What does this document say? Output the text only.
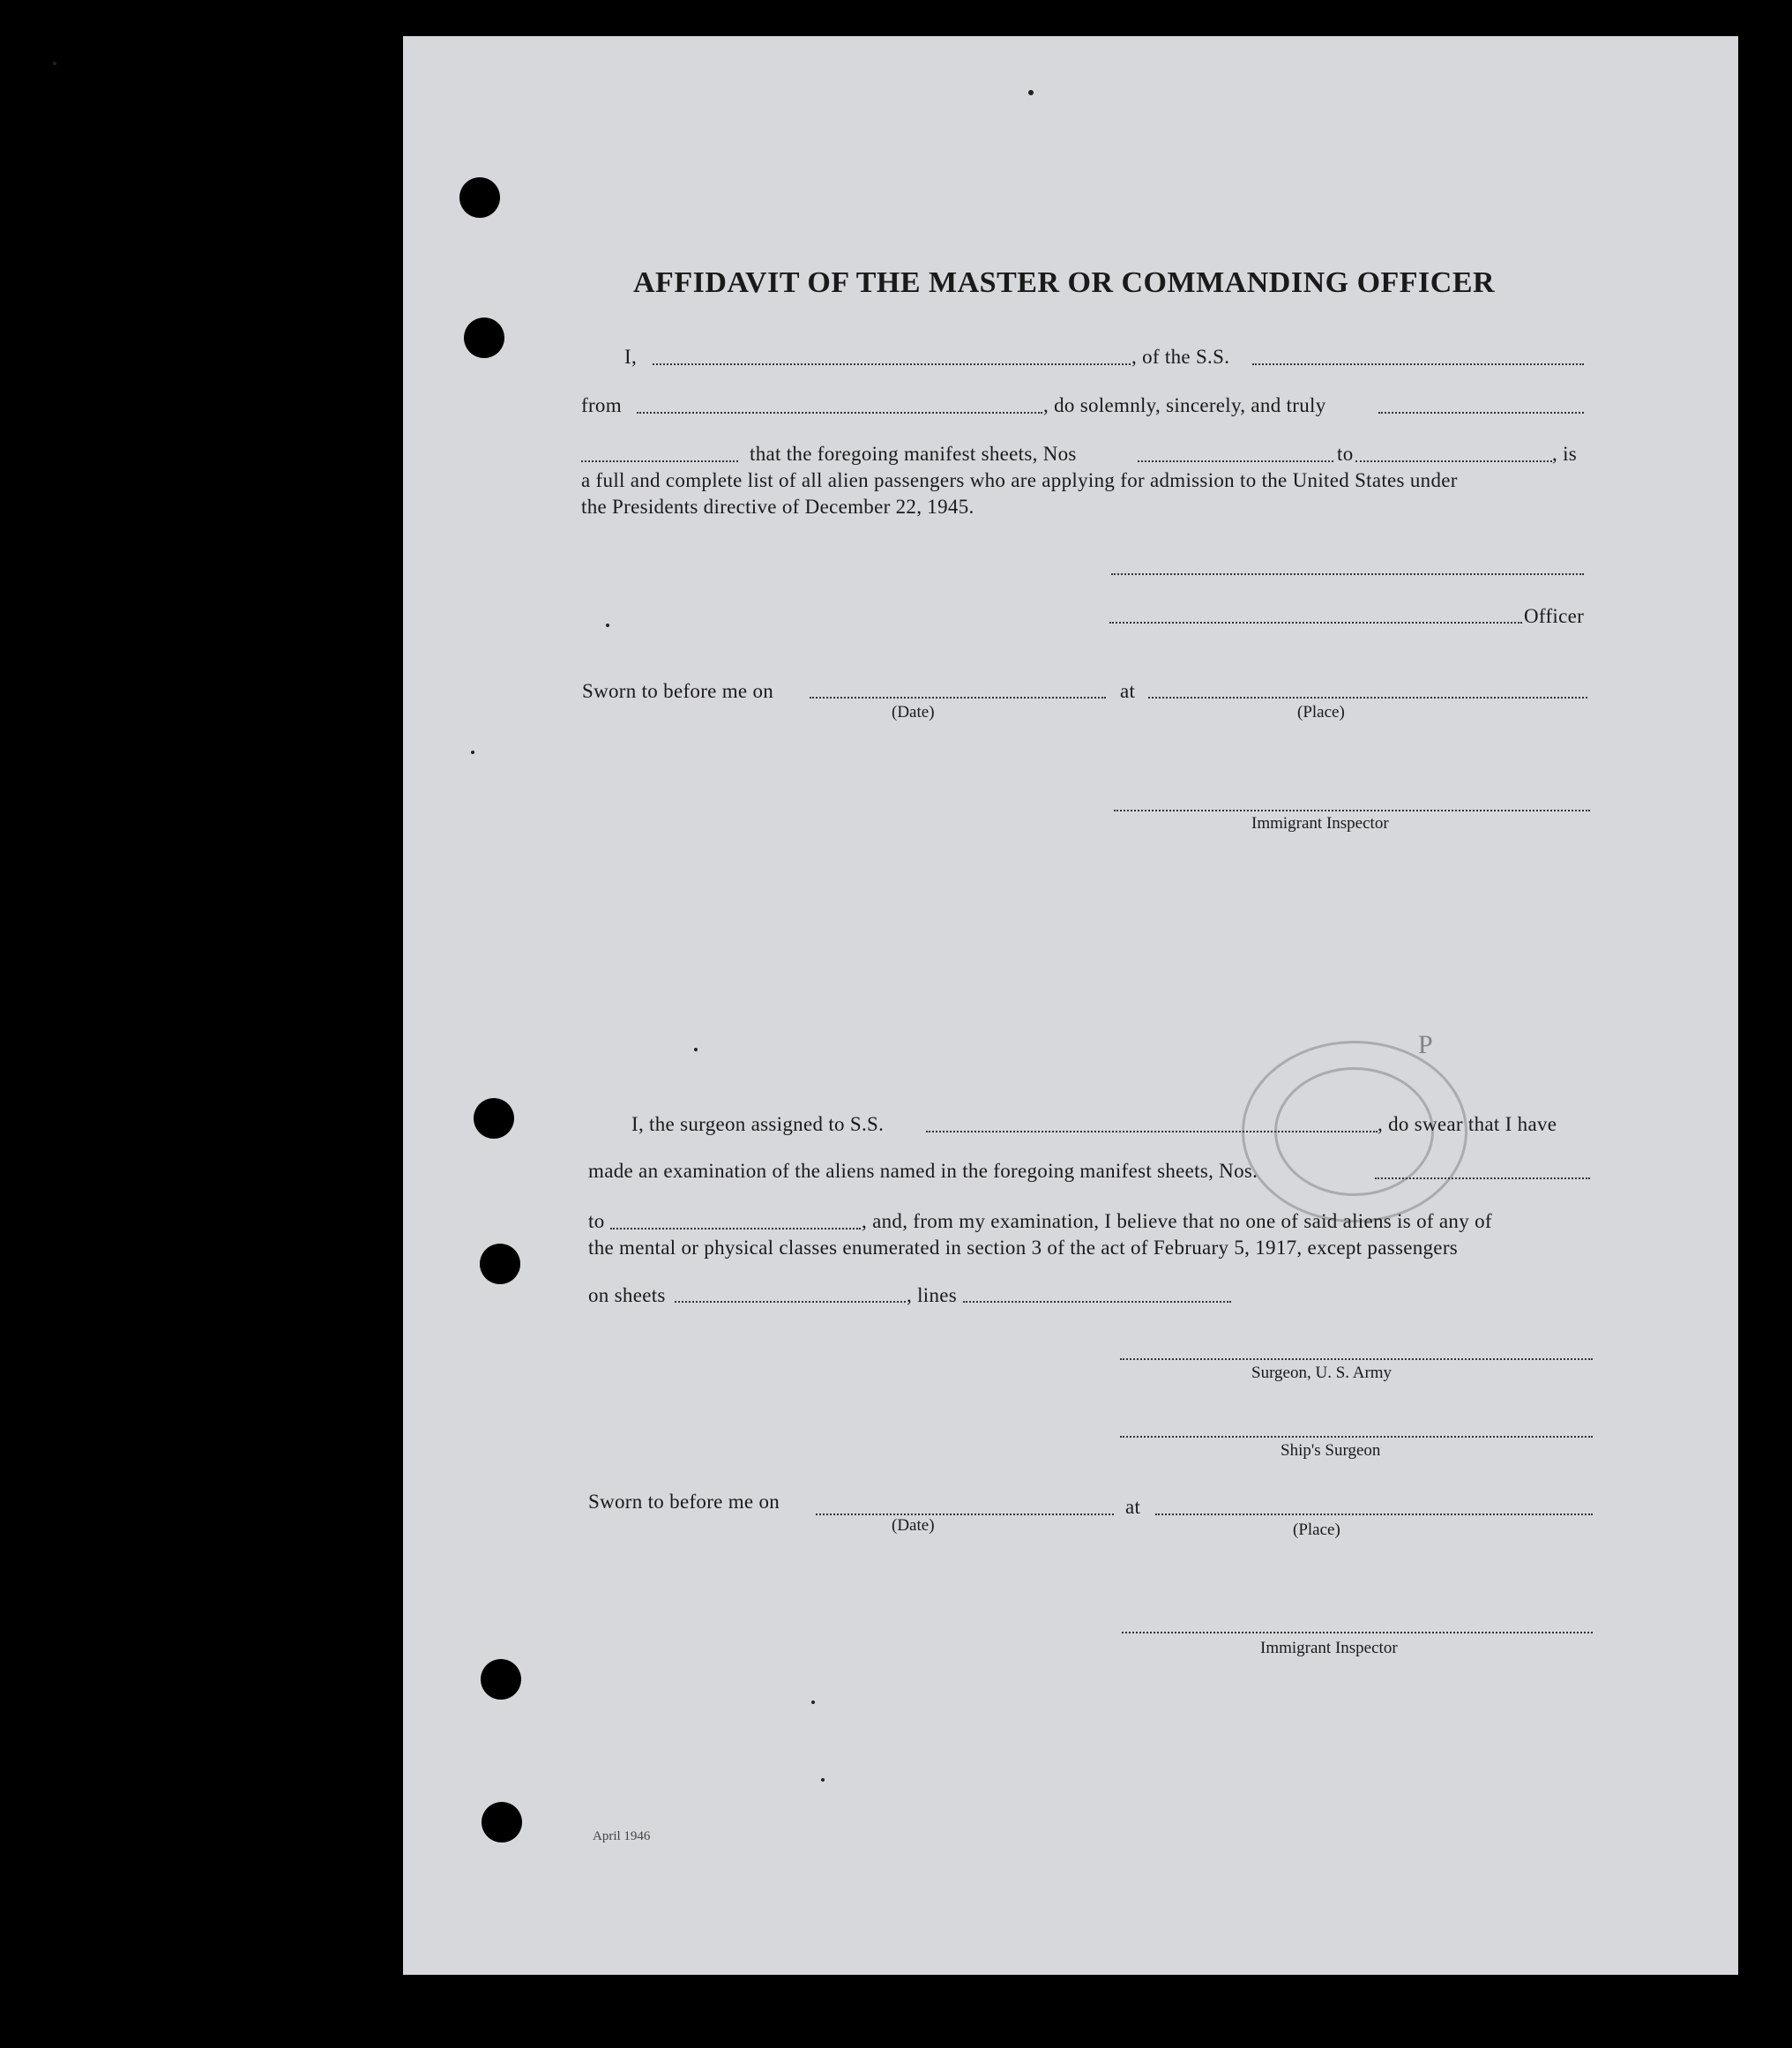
AFFIDAVIT OF THE MASTER OR COMMANDING OFFICER
I,	, of the S.S.
from	, do solemnly, sincerely, and truly
that the foregoing manifest sheets, Nos	to	, is
a full and complete list of all alien passengers who are applying for admission to the United States under
the Presidents directive of December 22, 1945.
Officer
Sworn to before me on	at
(Date)	(Place)
Immigrant Inspector
P
I, the surgeon assigned to S.S.	, do swear that I have
made an examination of the aliens named in the foregoing manifest sheets, Nos.
to	, and, from my examination, I believe that no one of said aliens is of any of
the mental or physical classes enumerated in section 3 of the act of February 5, 1917, except passengers
on sheets	, lines
Surgeon, U. S. Army
Ship's Surgeon
Sworn to before me on	at
(Date)	(Place)
Immigrant Inspector
April 1946
